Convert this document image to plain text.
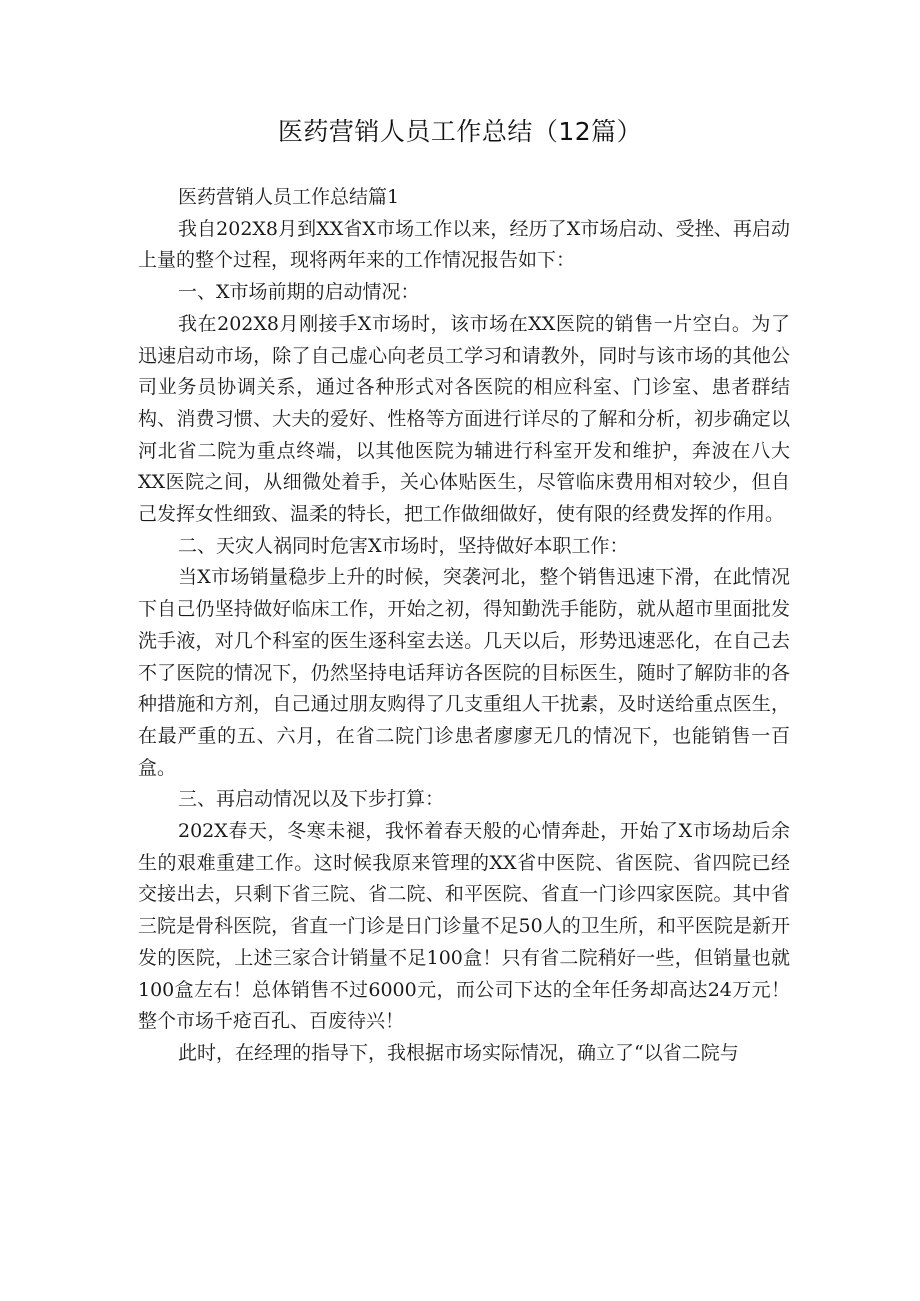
医药营销人员工作总结（12篇）

医药营销人员工作总结篇1

我自202X8月到XX省X市场工作以来，经历了X市场启动、受挫、再启动上量的整个过程，现将两年来的工作情况报告如下：

一、X市场前期的启动情况：

我在202X8月刚接手X市场时，该市场在XX医院的销售一片空白。为了迅速启动市场，除了自己虚心向老员工学习和请教外，同时与该市场的其他公司业务员协调关系，通过各种形式对各医院的相应科室、门诊室、患者群结构、消费习惯、大夫的爱好、性格等方面进行详尽的了解和分析，初步确定以河北省二院为重点终端，以其他医院为辅进行科室开发和维护，奔波在八大XX医院之间，从细微处着手，关心体贴医生，尽管临床费用相对较少，但自己发挥女性细致、温柔的特长，把工作做细做好，使有限的经费发挥的作用。

二、天灾人祸同时危害X市场时，坚持做好本职工作：

当X市场销量稳步上升的时候，突袭河北，整个销售迅速下滑，在此情况下自己仍坚持做好临床工作，开始之初，得知勤洗手能防，就从超市里面批发洗手液，对几个科室的医生逐科室去送。几天以后，形势迅速恶化，在自己去不了医院的情况下，仍然坚持电话拜访各医院的目标医生，随时了解防非的各种措施和方剂，自己通过朋友购得了几支重组人干扰素，及时送给重点医生，在最严重的五、六月，在省二院门诊患者廖廖无几的情况下，也能销售一百盒。

三、再启动情况以及下步打算：

202X春天，冬寒未褪，我怀着春天般的心情奔赴，开始了X市场劫后余生的艰难重建工作。这时候我原来管理的XX省中医院、省医院、省四院已经交接出去，只剩下省三院、省二院、和平医院、省直一门诊四家医院。其中省三院是骨科医院，省直一门诊是日门诊量不足50人的卫生所，和平医院是新开发的医院，上述三家合计销量不足100盒！只有省二院稍好一些，但销量也就100盒左右！总体销售不过6000元，而公司下达的全年任务却高达24万元！整个市场千疮百孔、百废待兴！

此时，在经理的指导下，我根据市场实际情况，确立了“以省二院与
